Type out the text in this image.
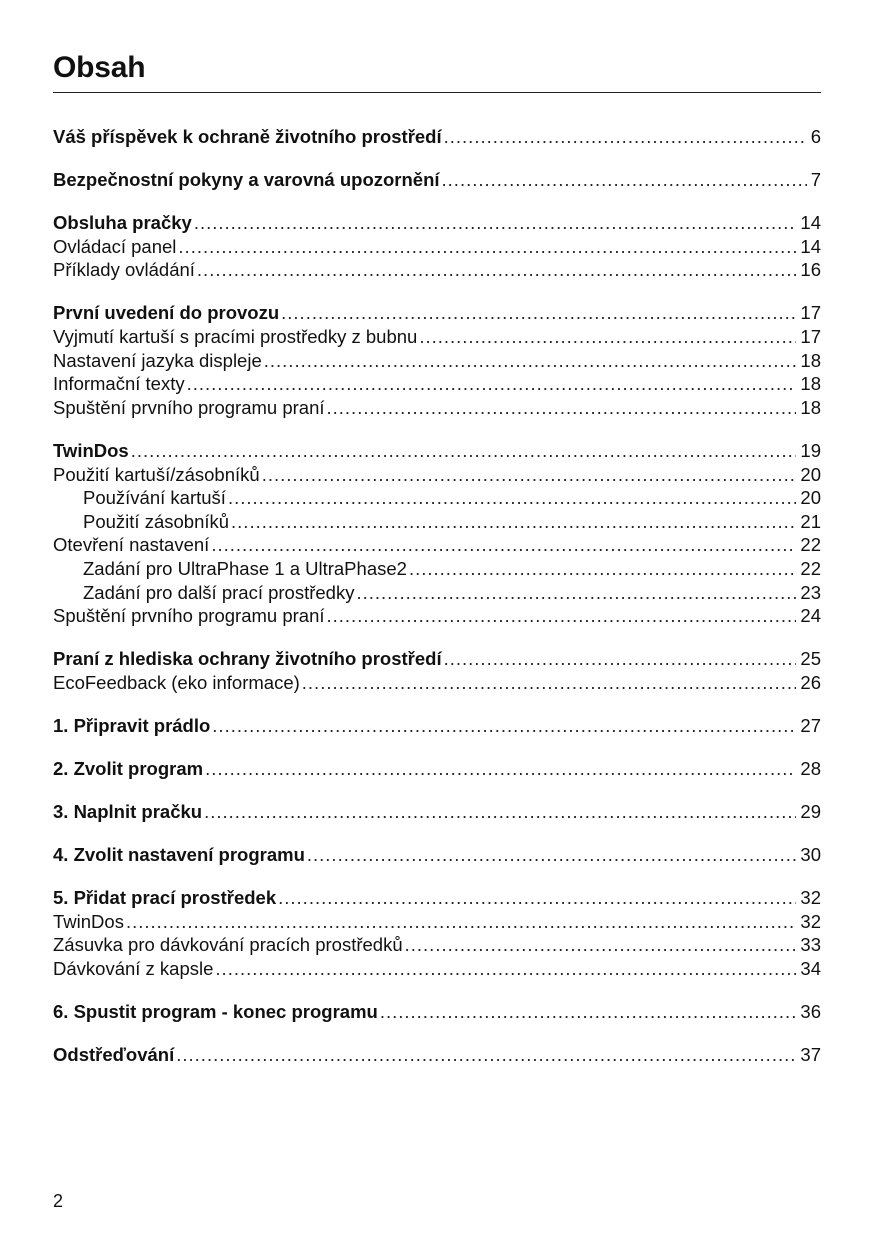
Obsah
Váš příspěvek k ochraně životního prostředí .....	6
Bezpečnostní pokyny a varovná upozornění .....	7
Obsluha pračky .....	14
Ovládací panel .....	14
Příklady ovládání .....	16
První uvedení do provozu .....	17
Vyjmutí kartuší s pracími prostředky z bubnu .....	17
Nastavení jazyka displeje .....	18
Informační texty .....	18
Spuštění prvního programu praní .....	18
TwinDos .....	19
Použití kartuší/zásobníků .....	20
Používání kartuší .....	20
Použití zásobníků .....	21
Otevření nastavení .....	22
Zadání pro UltraPhase 1 a UltraPhase2 .....	22
Zadání pro další prací prostředky .....	23
Spuštění prvního programu praní .....	24
Praní z hlediska ochrany životního prostředí .....	25
EcoFeedback (eko informace) .....	26
1. Připravit prádlo .....	27
2. Zvolit program .....	28
3. Naplnit pračku .....	29
4. Zvolit nastavení programu .....	30
5. Přidat prací prostředek .....	32
TwinDos .....	32
Zásuvka pro dávkování pracích prostředků .....	33
Dávkování z kapsle .....	34
6. Spustit program - konec programu .....	36
Odstřeďování .....	37
2
